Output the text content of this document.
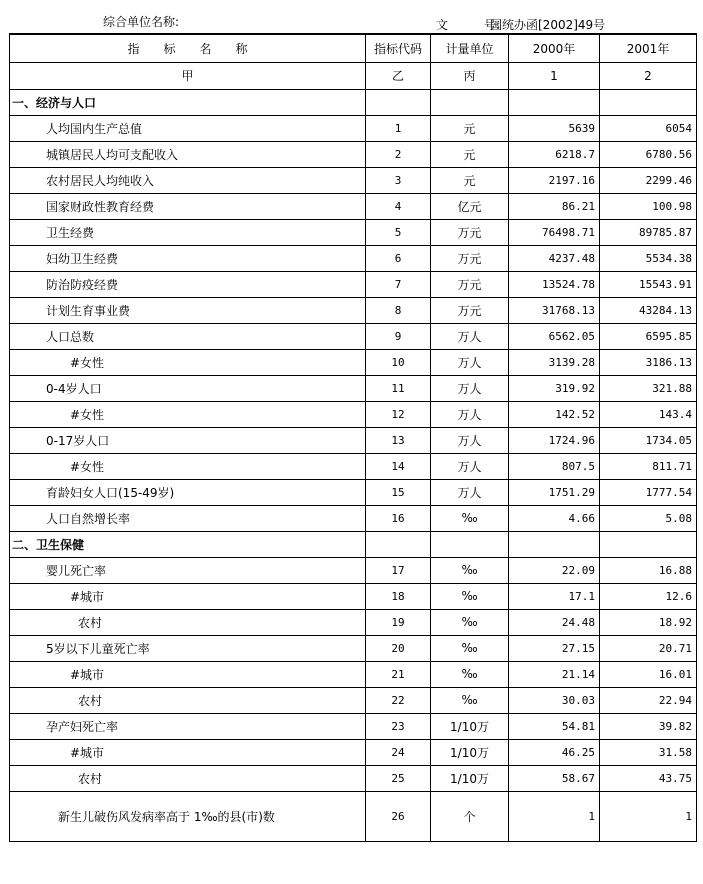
综合单位名称:	文　　　号:
国统办函[2002]49号
指　　标　　名　　称	指标代码	计量单位	2000年	2001年
甲	乙	丙	1	2
一、经济与人口				
人均国内生产总值	1	元	5639	6054
城镇居民人均可支配收入	2	元	6218.7	6780.56
农村居民人均纯收入	3	元	2197.16	2299.46
国家财政性教育经费	4	亿元	86.21	100.98
卫生经费	5	万元	76498.71	89785.87
妇幼卫生经费	6	万元	4237.48	5534.38
防治防疫经费	7	万元	13524.78	15543.91
计划生育事业费	8	万元	31768.13	43284.13
人口总数	9	万人	6562.05	6595.85
#女性	10	万人	3139.28	3186.13
0-4岁人口	11	万人	319.92	321.88
#女性	12	万人	142.52	143.4
0-17岁人口	13	万人	1724.96	1734.05
#女性	14	万人	807.5	811.71
育龄妇女人口(15-49岁)	15	万人	1751.29	1777.54
人口自然增长率	16	‰	4.66	5.08
二、卫生保健				
婴儿死亡率	17	‰	22.09	16.88
#城市	18	‰	17.1	12.6
农村	19	‰	24.48	18.92
5岁以下儿童死亡率	20	‰	27.15	20.71
#城市	21	‰	21.14	16.01
农村	22	‰	30.03	22.94
孕产妇死亡率	23	1/10万	54.81	39.82
#城市	24	1/10万	46.25	31.58
农村	25	1/10万	58.67	43.75
新生儿破伤风发病率高于 1‰的县(市)数	26	个	1	1
